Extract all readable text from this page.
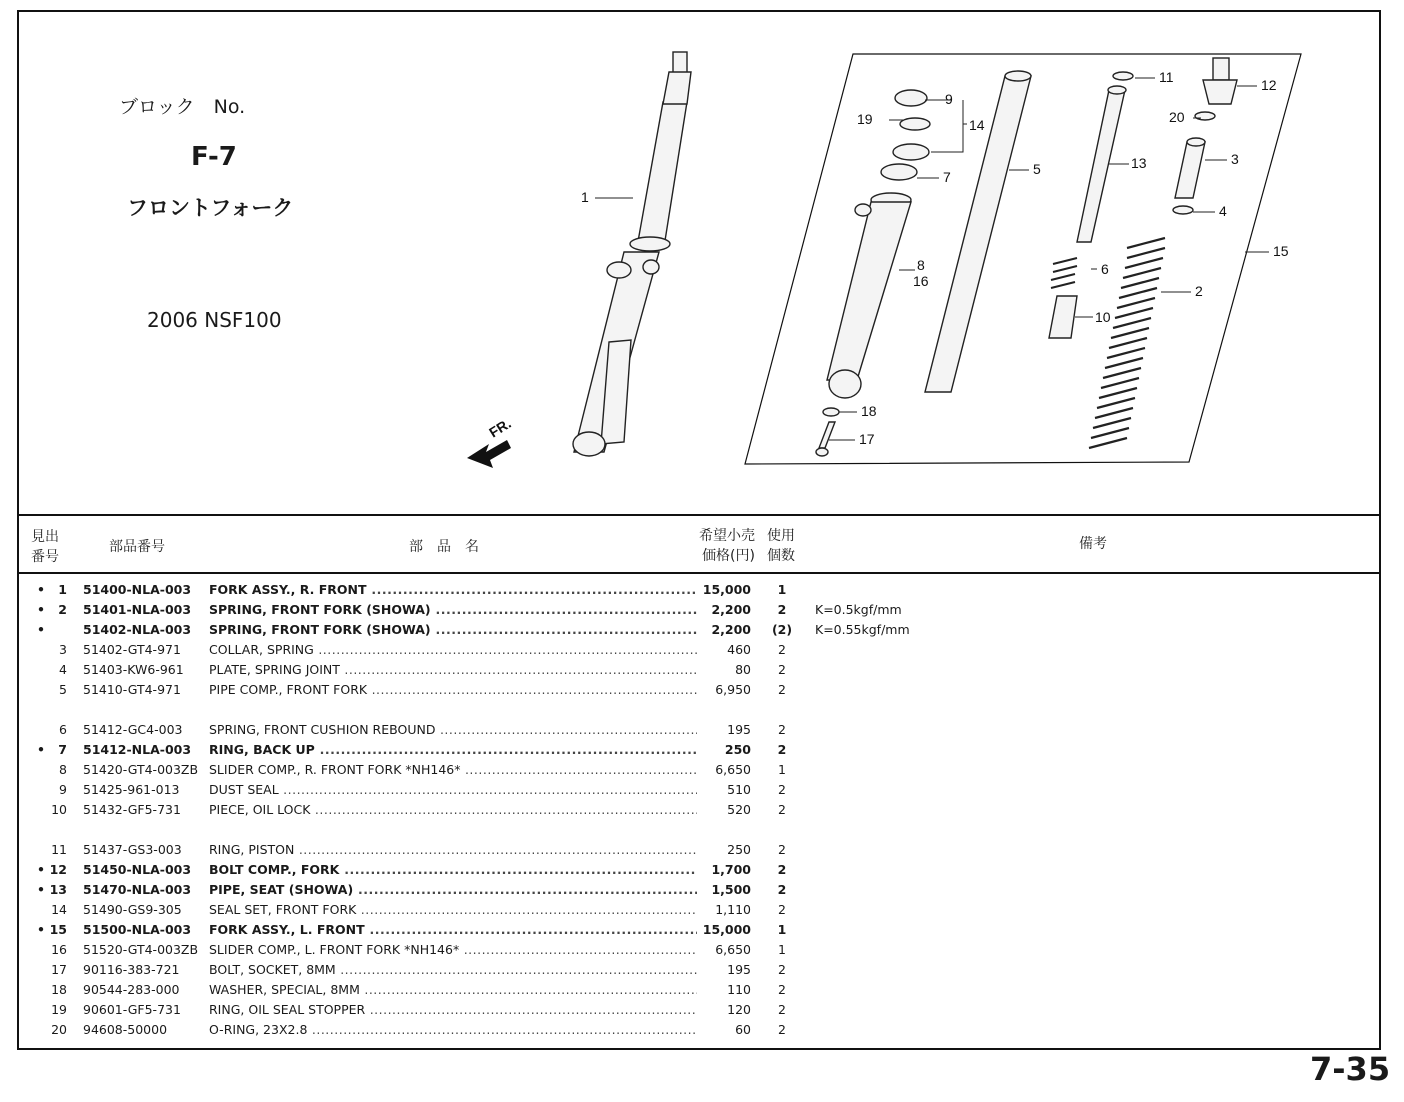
ブロック　No.
F-7
フロントフォーク
2006 NSF100
FR.
1
2
3
4
5
6
7
8
9
10
11	12
13
14
15
16
17
18
19	20
見出
番号
部品番号	部　品　名
希望小売
価格(円)
使用
個数
備考
• 1 51400-NLA-003 FORK ASSY., R. FRONT .....	15,000	1
• 2 51401-NLA-003 SPRING, FRONT FORK (SHOWA) .....	2,200	2	K=0.5kgf/mm
•	51402-NLA-003 SPRING, FRONT FORK (SHOWA) .....	2,200	(2)	K=0.55kgf/mm
3 51402-GT4-971 COLLAR, SPRING .....	460	2
4 51403-KW6-961 PLATE, SPRING JOINT .....	80	2
5 51410-GT4-971 PIPE COMP., FRONT FORK .....	6,950	2
6 51412-GC4-003 SPRING, FRONT CUSHION REBOUND .....	195	2
• 7 51412-NLA-003 RING, BACK UP .....	250	2
8 51420-GT4-003ZB SLIDER COMP., R. FRONT FORK *NH146* .....	6,650	1
9 51425-961-013 DUST SEAL .....	510	2
10 51432-GF5-731 PIECE, OIL LOCK .....	520	2
11 51437-GS3-003 RING, PISTON .....	250	2
• 12 51450-NLA-003 BOLT COMP., FORK .....	1,700	2
• 13 51470-NLA-003 PIPE, SEAT (SHOWA) .....	1,500	2
14 51490-GS9-305 SEAL SET, FRONT FORK .....	1,110	2
• 15 51500-NLA-003 FORK ASSY., L. FRONT .....	15,000	1
16 51520-GT4-003ZB SLIDER COMP., L. FRONT FORK *NH146* .....	6,650	1
17 90116-383-721 BOLT, SOCKET, 8MM .....	195	2
18 90544-283-000 WASHER, SPECIAL, 8MM .....	110	2
19 90601-GF5-731 RING, OIL SEAL STOPPER .....	120	2
20 94608-50000	O-RING, 23X2.8 .....	60	2
7-35
